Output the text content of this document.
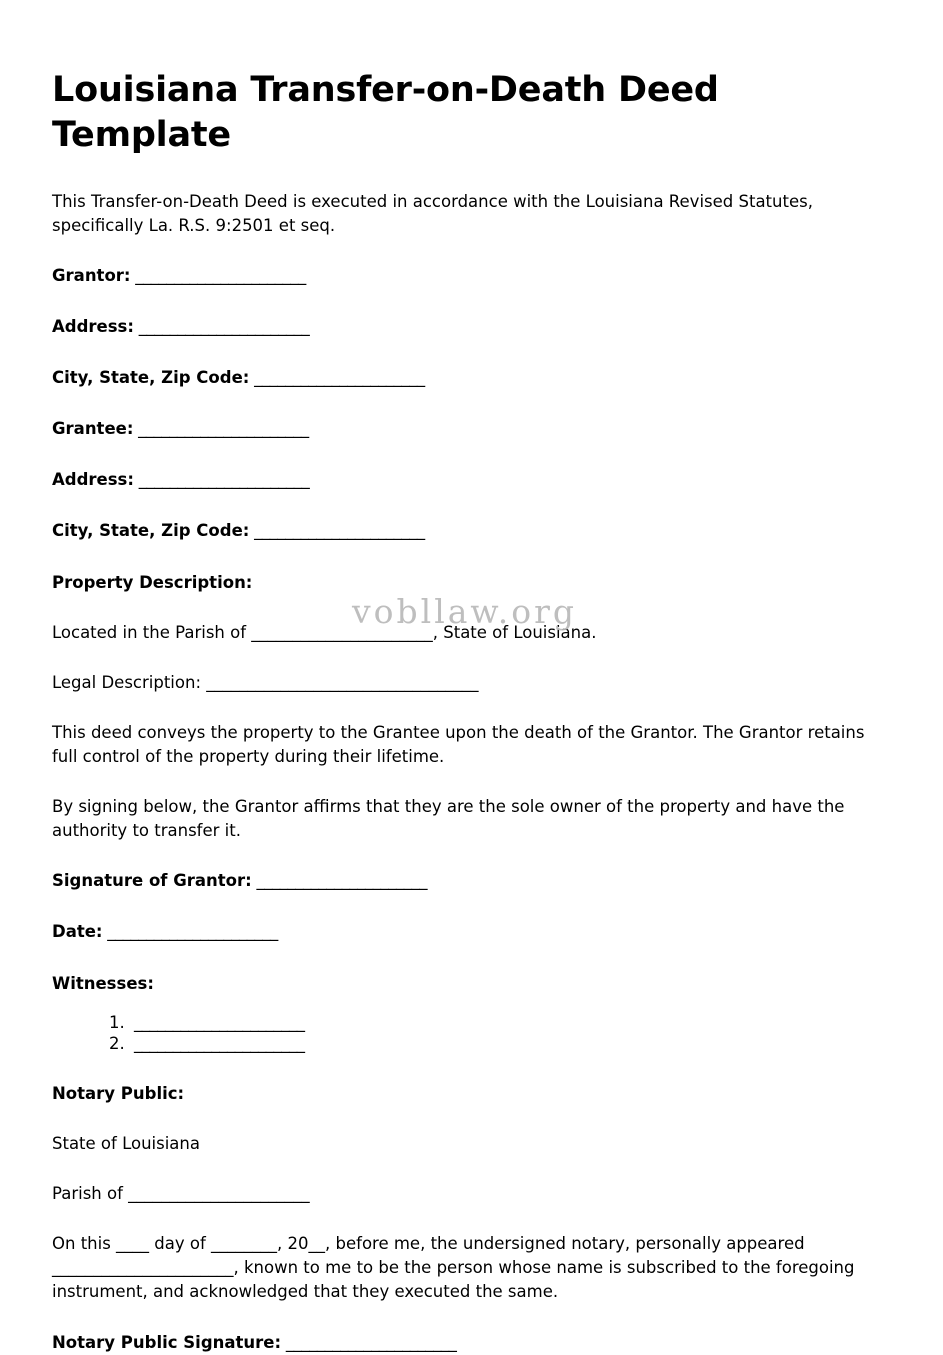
vobllaw.org
Louisiana Transfer-on-Death Deed Template

This Transfer-on-Death Deed is executed in accordance with the Louisiana Revised Statutes, specifically La. R.S. 9:2501 et seq.

Grantor: ______________________

Address: ______________________

City, State, Zip Code: ______________________

Grantee: ______________________

Address: ______________________

City, State, Zip Code: ______________________

Property Description:

Located in the Parish of ______________________, State of Louisiana.

Legal Description: _________________________________

This deed conveys the property to the Grantee upon the death of the Grantor. The Grantor retains full control of the property during their lifetime.

By signing below, the Grantor affirms that they are the sole owner of the property and have the authority to transfer it.

Signature of Grantor: ______________________

Date: ______________________

Witnesses:

1. ______________________
2. ______________________

Notary Public:

State of Louisiana

Parish of ______________________

On this ____ day of ________, 20__, before me, the undersigned notary, personally appeared ______________________, known to me to be the person whose name is subscribed to the foregoing instrument, and acknowledged that they executed the same.

Notary Public Signature: ______________________
